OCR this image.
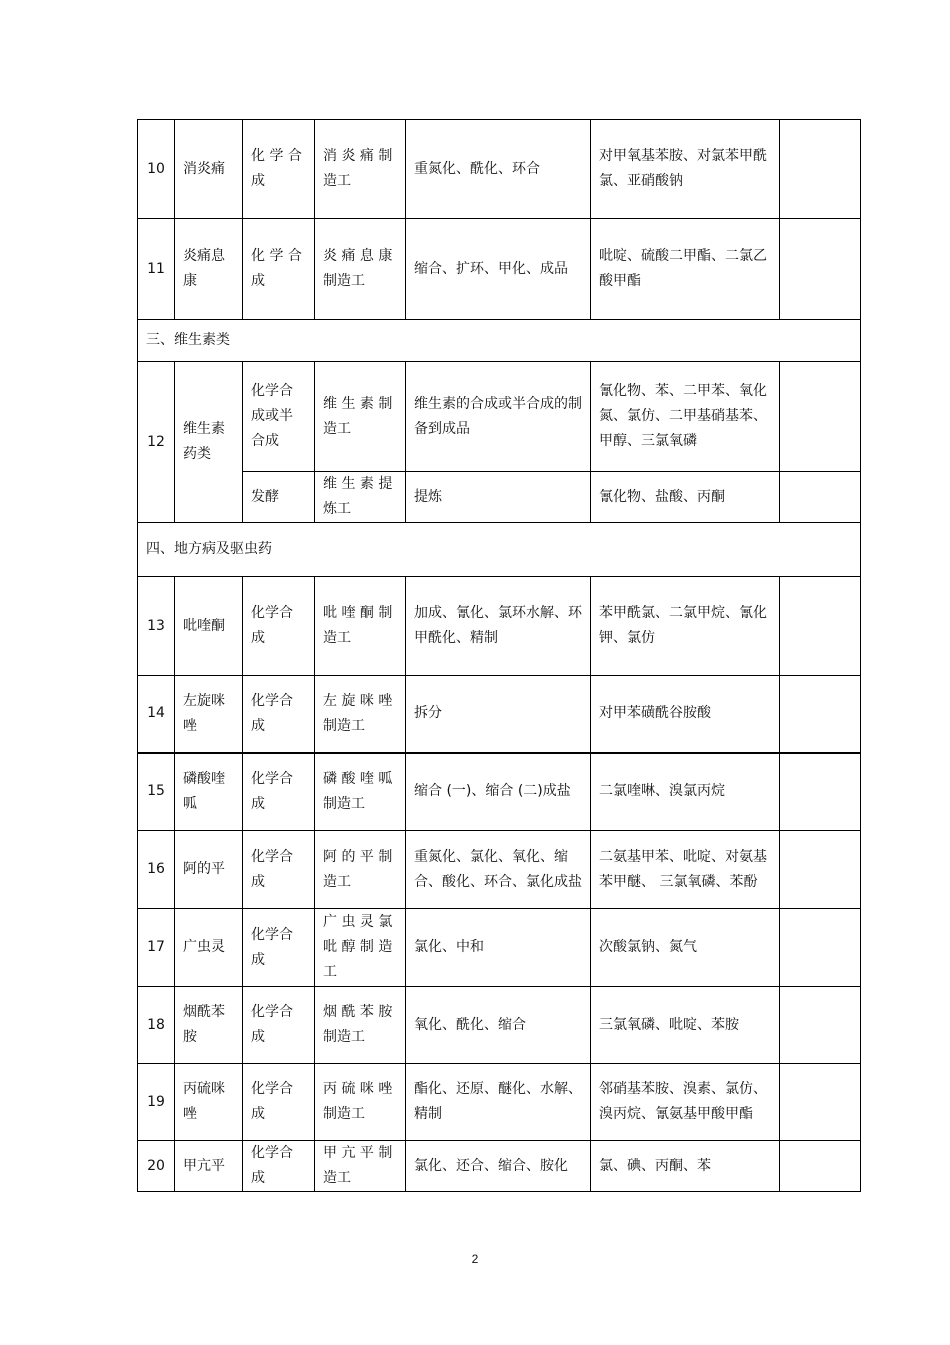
10	消炎痛	化 学 合 成	消 炎 痛 制 造工	重氮化、酰化、环合	对甲氧基苯胺、对氯苯甲酰氯、亚硝酸钠	
11	炎痛息康	化 学 合 成	炎 痛 息 康 制造工	缩合、扩环、甲化、成品	吡啶、硫酸二甲酯、二氯乙酸甲酯	
三、维生素类						
12	维生素药类	化学合成或半合成	维 生 素 制 造工	维生素的合成或半合成的制备到成品	氰化物、苯、二甲苯、氧化氮、氯仿、二甲基硝基苯、甲醇、三氯氧磷	
		发酵	维 生 素 提 炼工	提炼	氰化物、盐酸、丙酮	
四、地方病及驱虫药						
13	吡喹酮	化学合成	吡 喹 酮 制 造工	加成、氰化、氯环水解、环甲酰化、精制	苯甲酰氯、二氯甲烷、氰化钾、氯仿	
14	左旋咪唑	化学合成	左 旋 咪 唑 制造工	拆分	对甲苯磺酰谷胺酸	
15	磷酸喹呱	化学合成	磷 酸 喹 呱 制造工	缩合 (一)、缩合 (二)成盐	二氯喹啉、溴氯丙烷	
16	阿的平	化学合成	阿 的 平 制 造工	重氮化、氯化、氧化、缩合、酸化、环合、氯化成盐	二氨基甲苯、吡啶、对氨基苯甲醚、 三氯氧磷、苯酚	
17	广虫灵	化学合成	广 虫 灵 氯 吡 醇 制 造工	氯化、中和	次酸氯钠、氮气	
18	烟酰苯胺	化学合成	烟 酰 苯 胺 制造工	氧化、酰化、缩合	三氯氧磷、吡啶、苯胺	
19	丙硫咪唑	化学合成	丙 硫 咪 唑 制造工	酯化、还原、醚化、水解、精制	邻硝基苯胺、溴素、氯仿、溴丙烷、氰氨基甲酸甲酯	
20	甲亢平	化学合成	甲 亢 平 制 造工	氯化、还合、缩合、胺化	氯、碘、丙酮、苯	
2
